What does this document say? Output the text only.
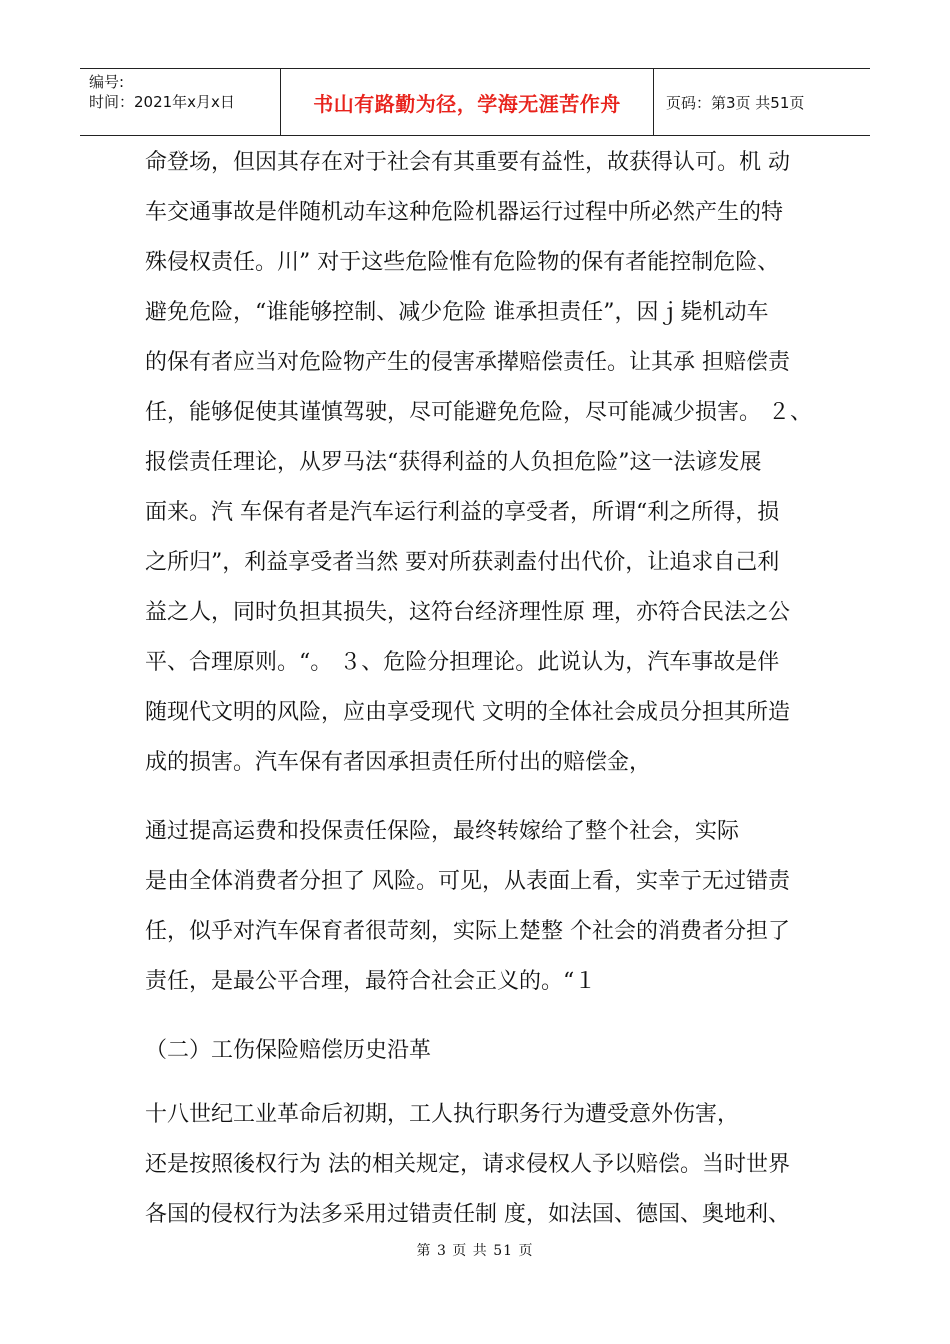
编号:
时间：2021年x月x日	书山有路勤为径，学海无涯苦作舟	页码：第3页 共51页
命登场，但因其存在对于社会有其重要有益性，故获得认可。机 动
车交通事故是伴随机动车这种危险机器运行过程中所必然产生的特
殊侵权责任。川” 对于这些危险惟有危险物的保有者能控制危险、
避免危险，“谁能够控制、减少危险 谁承担责任”，因ｊ毙机动车
的保有者应当对危险物产生的侵害承撵赔偿责任。让其承 担赔偿责
任，能够促使其谨慎驾驶，尽可能避免危险，尽可能减少损害。 ２、
报偿责任理论，从罗马法“获得利益的人负担危险”这一法谚发展
面来。汽 车保有者是汽车运行利益的享受者，所谓“利之所得，损
之所归”，利益享受者当然 要对所获剥盍付出代价，让追求自己利
益之人，同时负担其损失，这符台经济理性原 理，亦符合民法之公
平、合理原则。“。 ３、危险分担理论。此说认为，汽车事故是伴
随现代文明的风险，应由享受现代 文明的全体社会成员分担其所造
成的损害。汽车保有者因承担责任所付出的赔偿金，
通过提高运费和投保责任保险，最终转嫁给了整个社会，实际
是由全体消费者分担了 风险。可见，从表面上看，实幸亍无过错责
任，似乎对汽车保育者很苛刻，实际上楚整 个社会的消费者分担了
责任，是最公平合理，最符合社会正义的。“１
（二）工伤保险赔偿历史沿革
十八世纪工业革命后初期，工人执行职务行为遭受意外伤害，
还是按照後权行为 法的相关规定，请求侵权人予以赔偿。当时世界
各国的侵权行为法多采用过错责任制 度，如法国、德国、奥地利、
第 3 页 共 51 页
